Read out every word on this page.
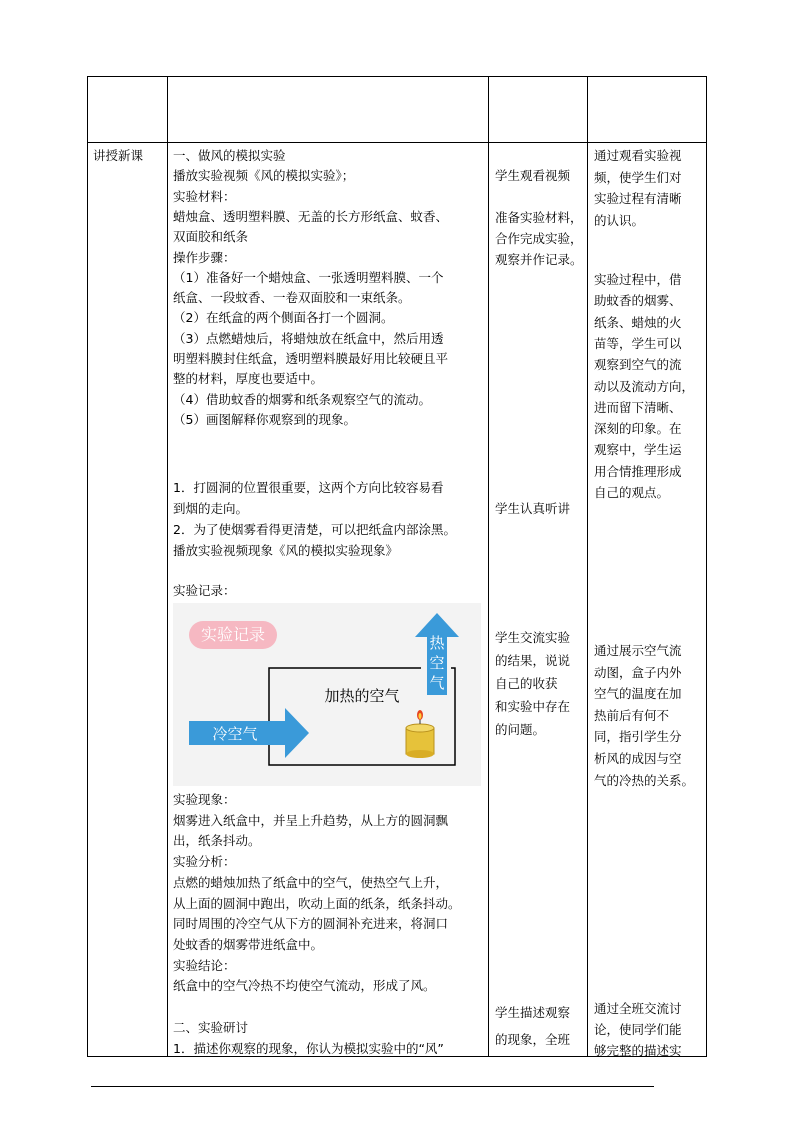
讲授新课 一、做风的模拟实验
播放实验视频《风的模拟实验》；
实验材料：
蜡烛盒、透明塑料膜、无盖的长方形纸盒、蚊香、
双面胶和纸条
操作步骤：
（1）准备好一个蜡烛盒、一张透明塑料膜、一个
纸盒、一段蚊香、一卷双面胶和一束纸条。
（2）在纸盒的两个侧面各打一个圆洞。
（3）点燃蜡烛后，将蜡烛放在纸盒中，然后用透
明塑料膜封住纸盒，透明塑料膜最好用比较硬且平
整的材料，厚度也要适中。
（4）借助蚊香的烟雾和纸条观察空气的流动。
（5）画图解释你观察到的现象。
1．打圆洞的位置很重要，这两个方向比较容易看
到烟的走向。
2．为了使烟雾看得更清楚，可以把纸盒内部涂黑。
播放实验视频现象《风的模拟实验现象》
实验记录：
实验记录
加热的空气
冷空气
热
空
气
实验现象：
烟雾进入纸盒中，并呈上升趋势，从上方的圆洞飘
出，纸条抖动。
实验分析：
点燃的蜡烛加热了纸盒中的空气，使热空气上升，
从上面的圆洞中跑出，吹动上面的纸条，纸条抖动。
同时周围的冷空气从下方的圆洞补充进来，将洞口
处蚊香的烟雾带进纸盒中。
实验结论：
纸盒中的空气冷热不均使空气流动，形成了风。
二、实验研讨
1．描述你观察的现象，你认为模拟实验中的“风”
学生观看视频
准备实验材料，
合作完成实验，
观察并作记录。
学生认真听讲
学生交流实验
的结果，说说
自己的收获
和实验中存在
的问题。
学生描述观察
的现象，全班
通过观看实验视
频，使学生们对
实验过程有清晰
的认识。
实验过程中，借
助蚊香的烟雾、
纸条、蜡烛的火
苗等，学生可以
观察到空气的流
动以及流动方向，
进而留下清晰、
深刻的印象。在
观察中，学生运
用合情推理形成
自己的观点。
通过展示空气流
动图，盒子内外
空气的温度在加
热前后有何不
同，指引学生分
析风的成因与空
气的冷热的关系。
通过全班交流讨
论，使同学们能
够完整的描述实
